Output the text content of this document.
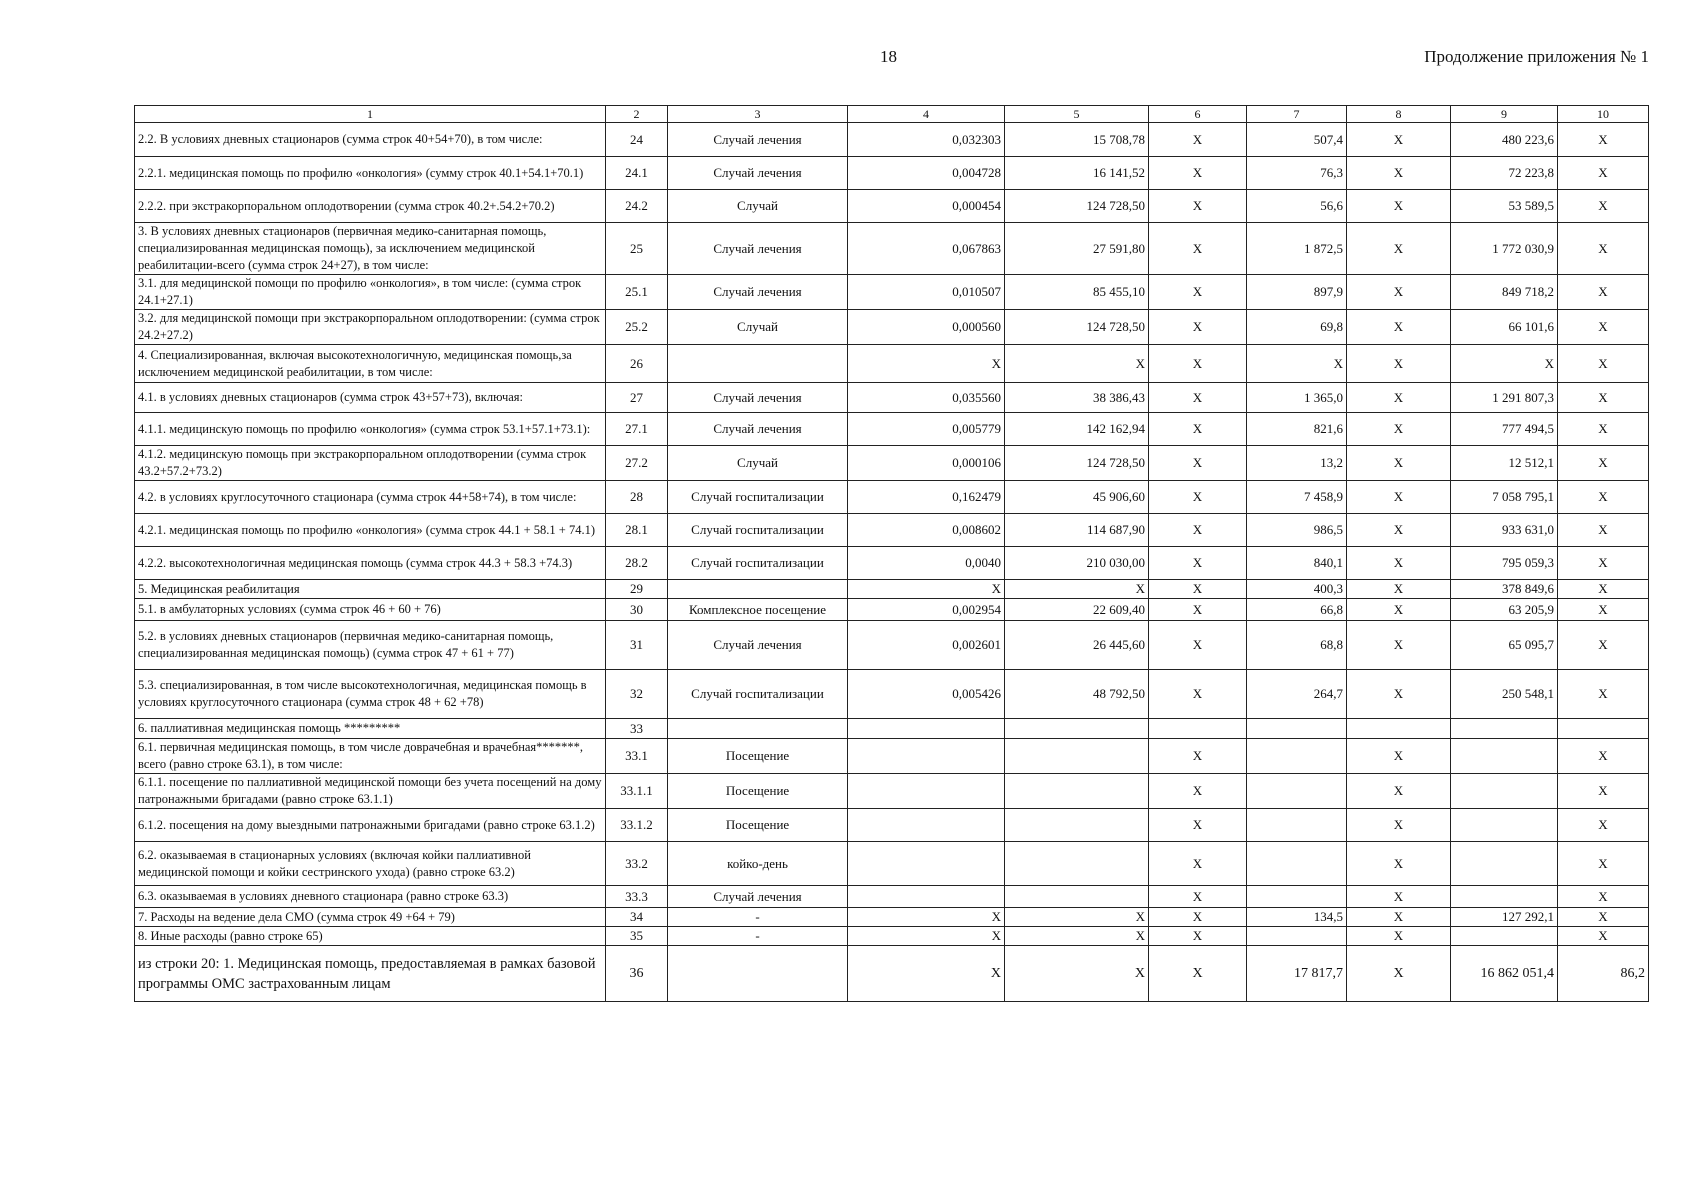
18	Продолжение приложения № 1
1	2	3	4	5	6	7	8	9	10
2.2. В условиях дневных стационаров (сумма строк 40+54+70), в том числе:	24	Случай лечения	0,032303	15 708,78	X	507,4	X	480 223,6	X
2.2.1. медицинская помощь по профилю «онкология» (сумму строк 40.1+54.1+70.1)	24.1	Случай лечения	0,004728	16 141,52	X	76,3	X	72 223,8	X
2.2.2. при экстракорпоральном оплодотворении (сумма строк 40.2+.54.2+70.2)	24.2	Случай	0,000454	124 728,50	X	56,6	X	53 589,5	X
3. В условиях дневных стационаров (первичная медико-санитарная помощь, специализированная медицинская помощь), за исключением медицинской реабилитации-всего (сумма строк 24+27), в том числе:	25	Случай лечения	0,067863	27 591,80	X	1 872,5	X	1 772 030,9	X
3.1. для медицинской помощи по профилю «онкология», в том числе: (сумма строк 24.1+27.1)	25.1	Случай лечения	0,010507	85 455,10	X	897,9	X	849 718,2	X
3.2. для медицинской помощи при экстракорпоральном оплодотворении: (сумма строк 24.2+27.2)	25.2	Случай	0,000560	124 728,50	X	69,8	X	66 101,6	X
4. Специализированная, включая высокотехнологичную, медицинская помощь,за исключением медицинской реабилитации, в том числе:	26		X	X	X	X	X	X	X
4.1. в условиях дневных стационаров (сумма строк 43+57+73), включая:	27	Случай лечения	0,035560	38 386,43	X	1 365,0	X	1 291 807,3	X
4.1.1. медицинскую помощь по профилю «онкология» (сумма строк 53.1+57.1+73.1):	27.1	Случай лечения	0,005779	142 162,94	X	821,6	X	777 494,5	X
4.1.2. медицинскую помощь при экстракорпоральном оплодотворении (сумма строк 43.2+57.2+73.2)	27.2	Случай	0,000106	124 728,50	X	13,2	X	12 512,1	X
4.2. в условиях круглосуточного стационара (сумма строк 44+58+74), в том числе:	28	Случай госпитализации	0,162479	45 906,60	X	7 458,9	X	7 058 795,1	X
4.2.1. медицинская помощь по профилю «онкология» (сумма строк 44.1 + 58.1 + 74.1)	28.1	Случай госпитализации	0,008602	114 687,90	X	986,5	X	933 631,0	X
4.2.2. высокотехнологичная медицинская помощь (сумма строк 44.3 + 58.3 +74.3)	28.2	Случай госпитализации	0,0040	210 030,00	X	840,1	X	795 059,3	X
5. Медицинская реабилитация	29		X	X	X	400,3	X	378 849,6	X
5.1. в амбулаторных условиях (сумма строк 46 + 60 + 76)	30	Комплексное посещение	0,002954	22 609,40	X	66,8	X	63 205,9	X
5.2. в условиях дневных стационаров (первичная медико-санитарная помощь, специализированная медицинская помощь) (сумма строк 47 + 61 + 77)	31	Случай лечения	0,002601	26 445,60	X	68,8	X	65 095,7	X
5.3. специализированная, в том числе высокотехнологичная, медицинская помощь в условиях круглосуточного стационара (сумма строк 48 + 62 +78)	32	Случай госпитализации	0,005426	48 792,50	X	264,7	X	250 548,1	X
6. паллиативная медицинская помощь *********	33								
6.1. первичная медицинская помощь, в том числе доврачебная и врачебная*******, всего (равно строке 63.1), в том числе:	33.1	Посещение			X		X		X
6.1.1. посещение по паллиативной медицинской помощи без учета посещений на дому патронажными бригадами (равно строке 63.1.1)	33.1.1	Посещение			X		X		X
6.1.2. посещения на дому выездными патронажными бригадами (равно строке 63.1.2)	33.1.2	Посещение			X		X		X
6.2. оказываемая в стационарных условиях (включая койки паллиативной медицинской помощи и койки сестринского ухода) (равно строке 63.2)	33.2	койко-день			X		X		X
6.3. оказываемая в условиях дневного стационара (равно строке 63.3)	33.3	Случай лечения			X		X		X
7. Расходы на ведение дела СМО (сумма строк 49 +64 + 79)	34	-	X	X	X	134,5	X	127 292,1	X
8. Иные расходы (равно строке 65)	35	-	X	X	X		X		X
из строки 20: 1. Медицинская помощь, предоставляемая в рамках базовой программы ОМС застрахованным лицам	36		X	X	X	17 817,7	X	16 862 051,4	86,2
